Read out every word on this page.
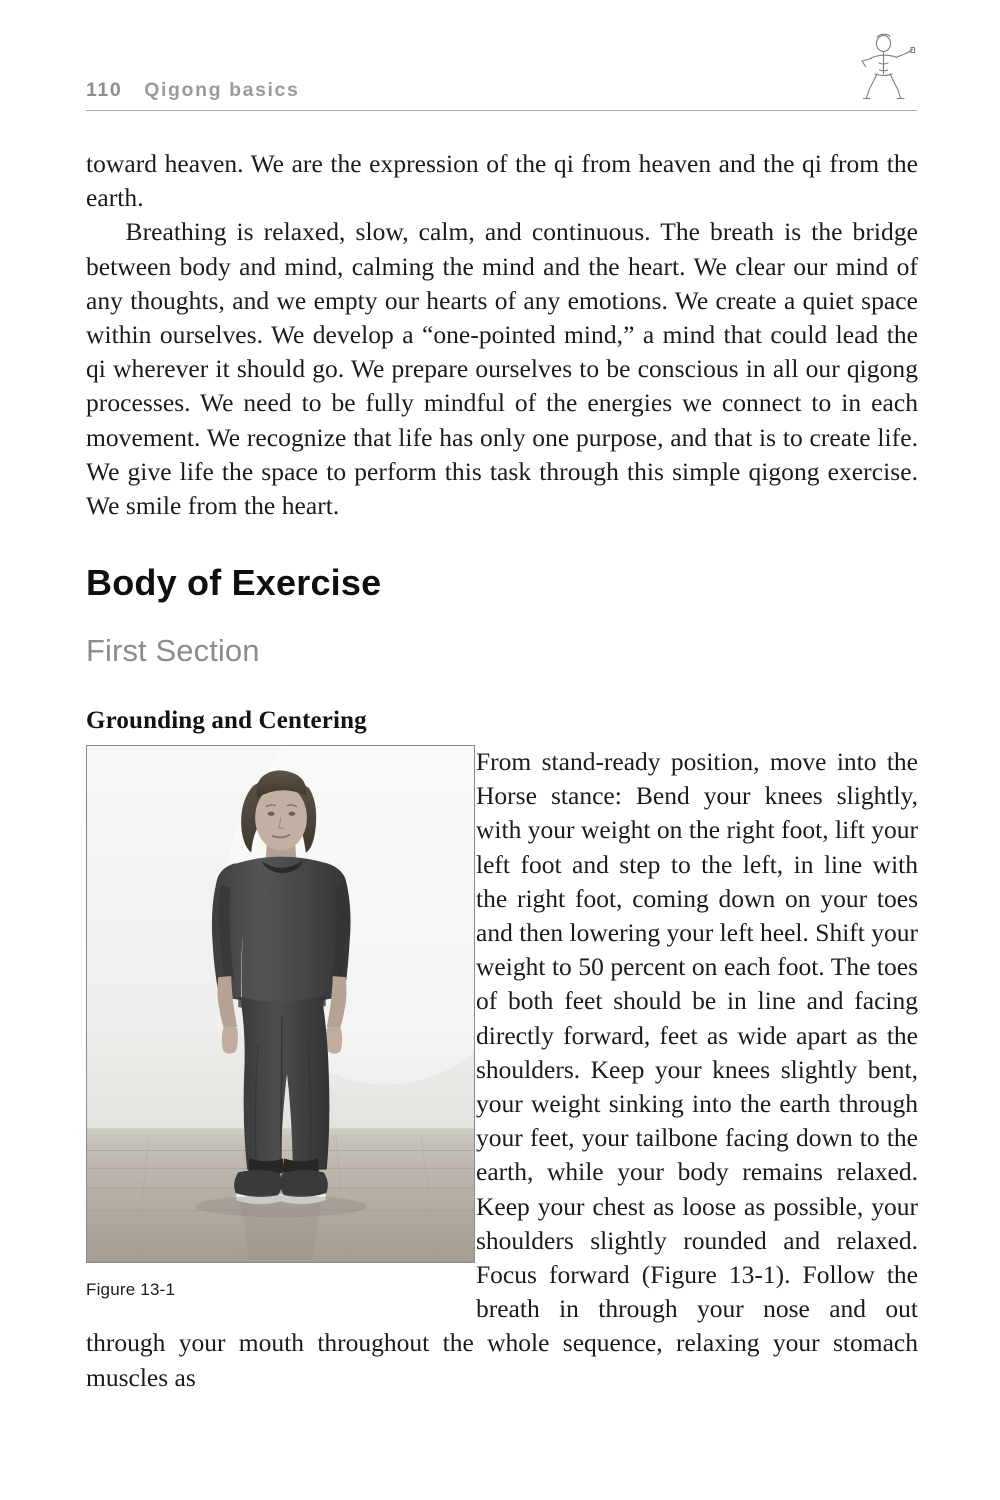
110 Qigong basics

toward heaven. We are the expression of the qi from heaven and the qi from the earth.

Breathing is relaxed, slow, calm, and continuous. The breath is the bridge between body and mind, calming the mind and the heart. We clear our mind of any thoughts, and we empty our hearts of any emotions. We create a quiet space within ourselves. We develop a “one-pointed mind,” a mind that could lead the qi wherever it should go. We prepare ourselves to be conscious in all our qigong processes. We need to be fully mindful of the energies we connect to in each movement. We recognize that life has only one purpose, and that is to create life. We give life the space to perform this task through this simple qigong exercise. We smile from the heart.

Body of Exercise
First Section
Grounding and Centering
Figure 13-1

From stand-ready position, move into the Horse stance: Bend your knees slightly, with your weight on the right foot, lift your left foot and step to the left, in line with the right foot, coming down on your toes and then lowering your left heel. Shift your weight to 50 percent on each foot. The toes of both feet should be in line and facing directly forward, feet as wide apart as the shoulders. Keep your knees slightly bent, your weight sinking into the earth through your feet, your tailbone facing down to the earth, while your body remains relaxed. Keep your chest as loose as possible, your shoulders slightly rounded and relaxed. Focus forward (Figure 13-1). Follow the breath in through your nose and out through your mouth throughout the whole sequence, relaxing your stomach muscles as
